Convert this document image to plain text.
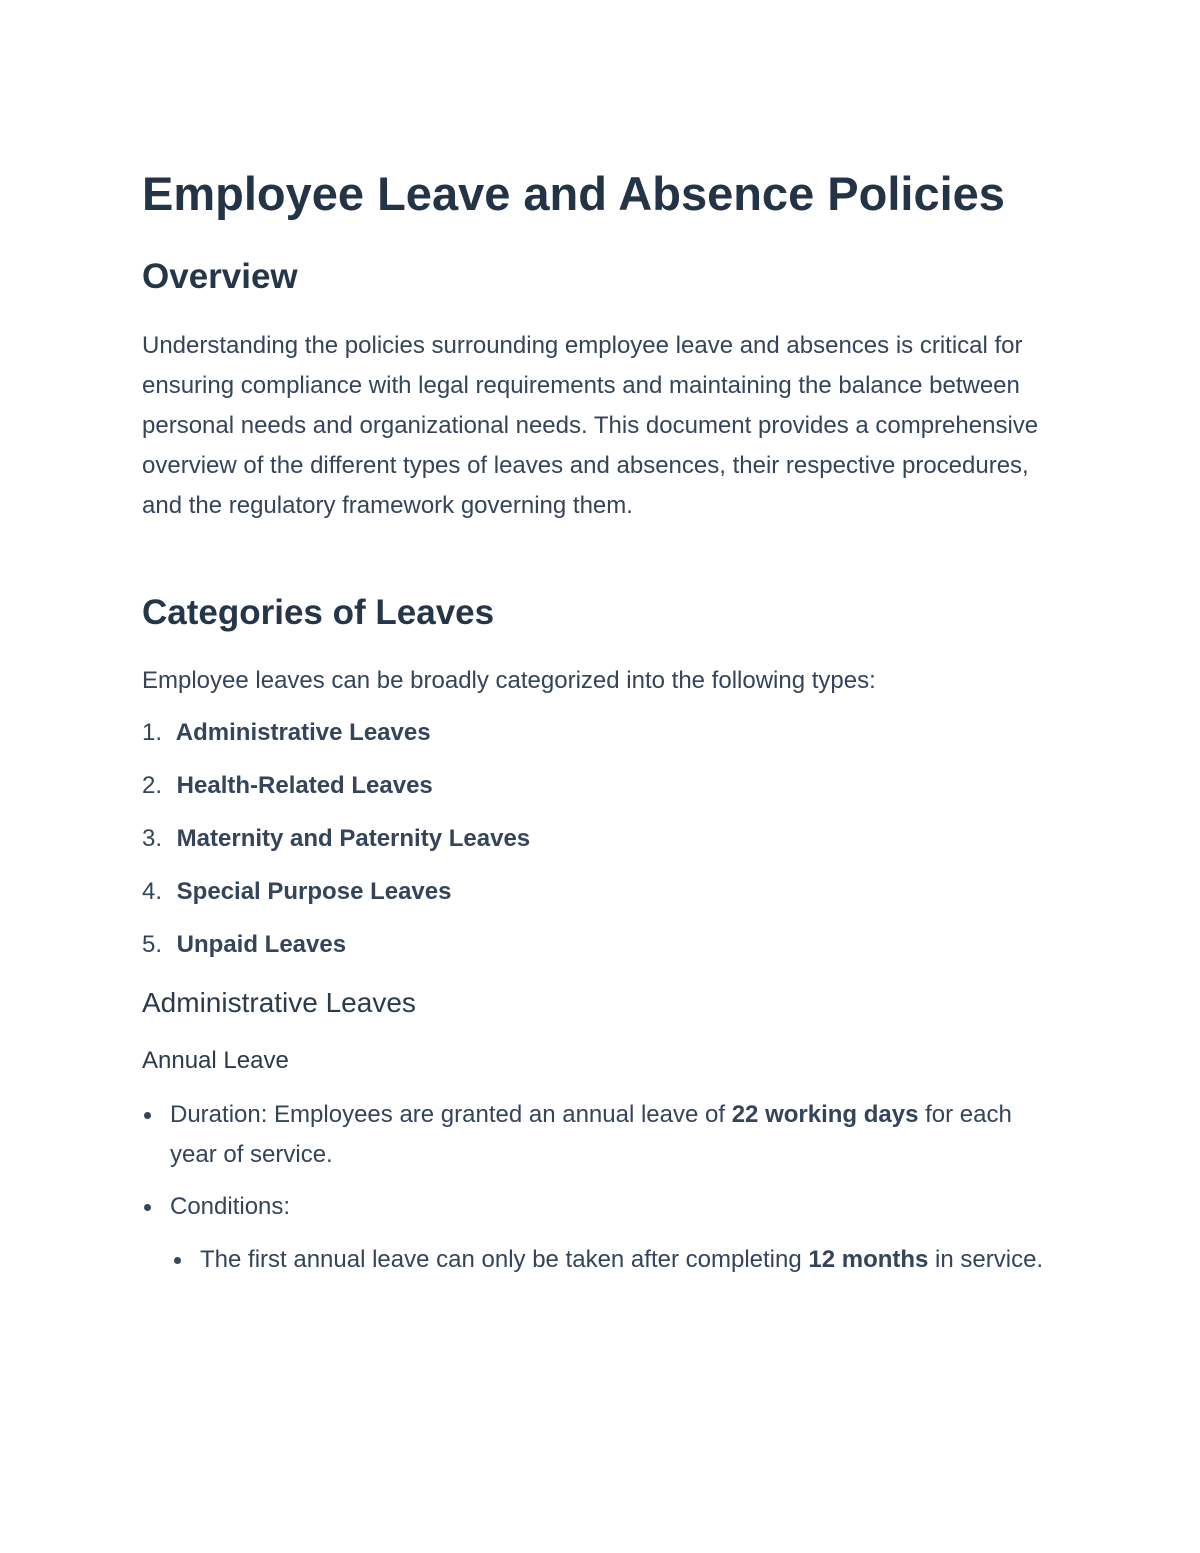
Employee Leave and Absence Policies
Overview

Understanding the policies surrounding employee leave and absences is critical for ensuring compliance with legal requirements and maintaining the balance between personal needs and organizational needs. This document provides a comprehensive overview of the different types of leaves and absences, their respective procedures, and the regulatory framework governing them.

Categories of Leaves

Employee leaves can be broadly categorized into the following types:

1. Administrative Leaves
2. Health-Related Leaves
3. Maternity and Paternity Leaves
4. Special Purpose Leaves
5. Unpaid Leaves
Administrative Leaves
Annual Leave
Duration: Employees are granted an annual leave of 22 working days for each year of service.
Conditions:
The first annual leave can only be taken after completing 12 months in service.
